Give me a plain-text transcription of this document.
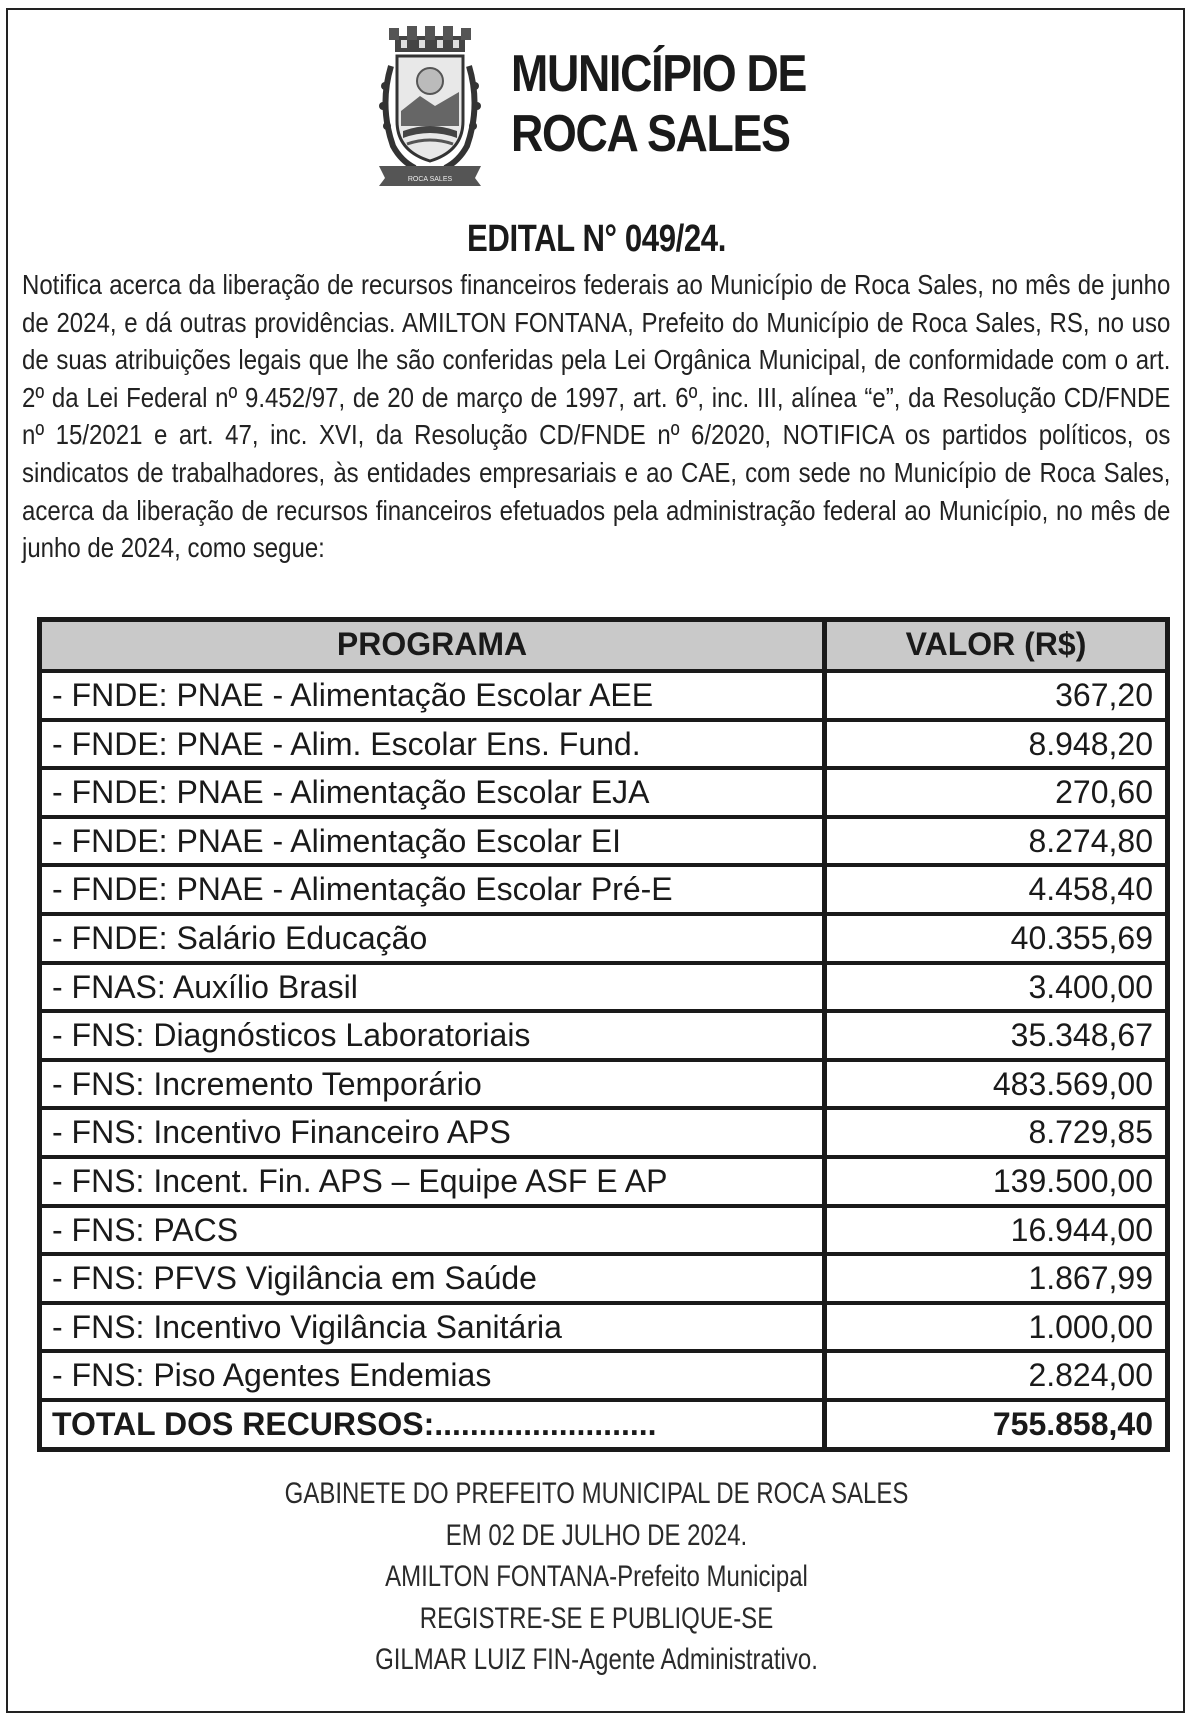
ROCA SALES
MUNICÍPIO DE
ROCA SALES
EDITAL N° 049/24.
Notifica acerca da liberação de recursos financeiros federais ao Município de Roca Sales, no mês de junho de 2024, e dá outras providências. AMILTON FONTANA, Prefeito do Município de Roca Sales, RS, no uso de suas atribuições legais que lhe são conferidas pela Lei Orgânica Municipal, de conformidade com o art. 2º da Lei Federal nº 9.452/97, de 20 de março de 1997, art. 6º, inc. III, alínea “e”, da Resolução CD/FNDE nº 15/2021 e art. 47, inc. XVI, da Resolução CD/FNDE nº 6/2020, NOTIFICA os partidos políticos, os sindicatos de trabalhadores, às entidades empresariais e ao CAE, com sede no Município de Roca Sales, acerca da liberação de recursos financeiros efetuados pela administração federal ao Município, no mês de junho de 2024, como segue:
PROGRAMA	VALOR (R$)
- FNDE: PNAE - Alimentação Escolar AEE	367,20
- FNDE: PNAE - Alim. Escolar Ens. Fund.	8.948,20
- FNDE: PNAE - Alimentação Escolar EJA	270,60
- FNDE: PNAE - Alimentação Escolar EI	8.274,80
- FNDE: PNAE - Alimentação Escolar Pré-E	4.458,40
- FNDE: Salário Educação	40.355,69
- FNAS: Auxílio Brasil	3.400,00
- FNS: Diagnósticos Laboratoriais	35.348,67
- FNS: Incremento Temporário	483.569,00
- FNS: Incentivo Financeiro APS	8.729,85
- FNS: Incent. Fin. APS – Equipe ASF E AP	139.500,00
- FNS: PACS	16.944,00
- FNS: PFVS Vigilância em Saúde	1.867,99
- FNS: Incentivo Vigilância Sanitária	1.000,00
- FNS: Piso Agentes Endemias	2.824,00
TOTAL DOS RECURSOS:.........................	755.858,40
GABINETE DO PREFEITO MUNICIPAL DE ROCA SALES
EM 02 DE JULHO DE 2024.
AMILTON FONTANA-Prefeito Municipal
REGISTRE-SE E PUBLIQUE-SE
GILMAR LUIZ FIN-Agente Administrativo.
